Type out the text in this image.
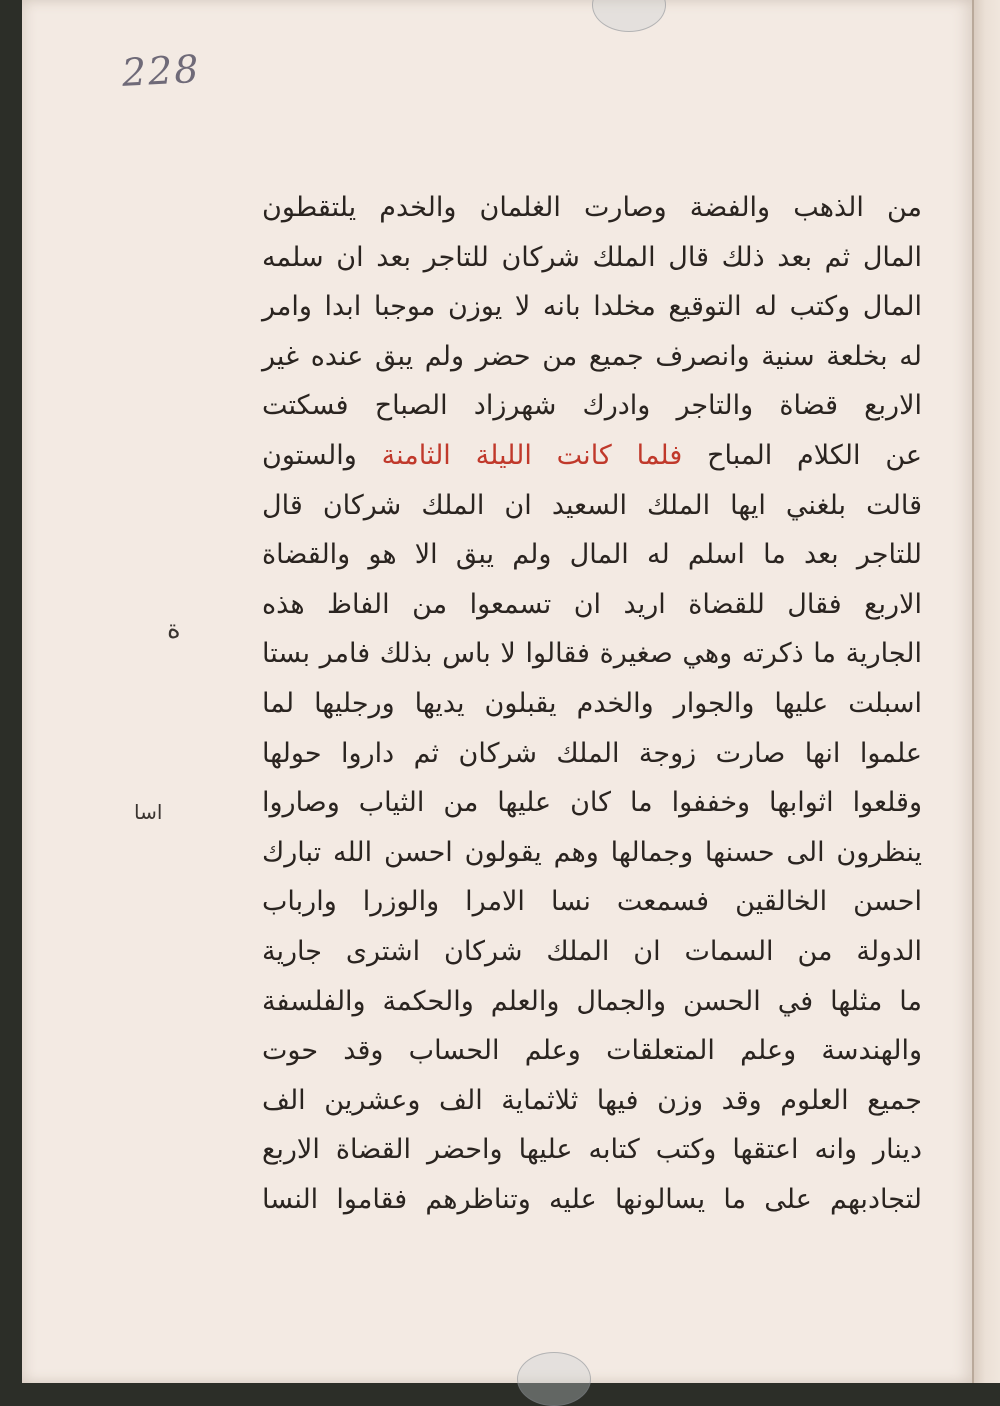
228
ة
اسا
من الذهب والفضة وصارت الغلمان والخدم يلتقطون
المال ثم بعد ذلك قال الملك شركان للتاجر بعد ان سلمه
المال وكتب له التوقيع مخلدا بانه لا يوزن موجبا ابدا وامر
له بخلعة سنية وانصرف جميع من حضر ولم يبق عنده غير
الاربع قضاة والتاجر وادرك شهرزاد الصباح فسكتت
عن الكلام المباح فلما كانت الليلة الثامنة والستون
قالت بلغني ايها الملك السعيد ان الملك شركان قال
للتاجر بعد ما اسلم له المال ولم يبق الا هو والقضاة
الاربع فقال للقضاة اريد ان تسمعوا من الفاظ هذه
الجارية ما ذكرته وهي صغيرة فقالوا لا باس بذلك فامر بستا
اسبلت عليها والجوار والخدم يقبلون يديها ورجليها لما
علموا انها صارت زوجة الملك شركان ثم داروا حولها
وقلعوا اثوابها وخففوا ما كان عليها من الثياب وصاروا
ينظرون الى حسنها وجمالها وهم يقولون احسن الله تبارك
احسن الخالقين فسمعت نسا الامرا والوزرا وارباب
الدولة من السمات ان الملك شركان اشترى جارية
ما مثلها في الحسن والجمال والعلم والحكمة والفلسفة
والهندسة وعلم المتعلقات وعلم الحساب وقد حوت
جميع العلوم وقد وزن فيها ثلاثماية الف وعشرين الف
دينار وانه اعتقها وكتب كتابه عليها واحضر القضاة الاربع
لتجادبهم على ما يسالونها عليه وتناظرهم فقاموا النسا
